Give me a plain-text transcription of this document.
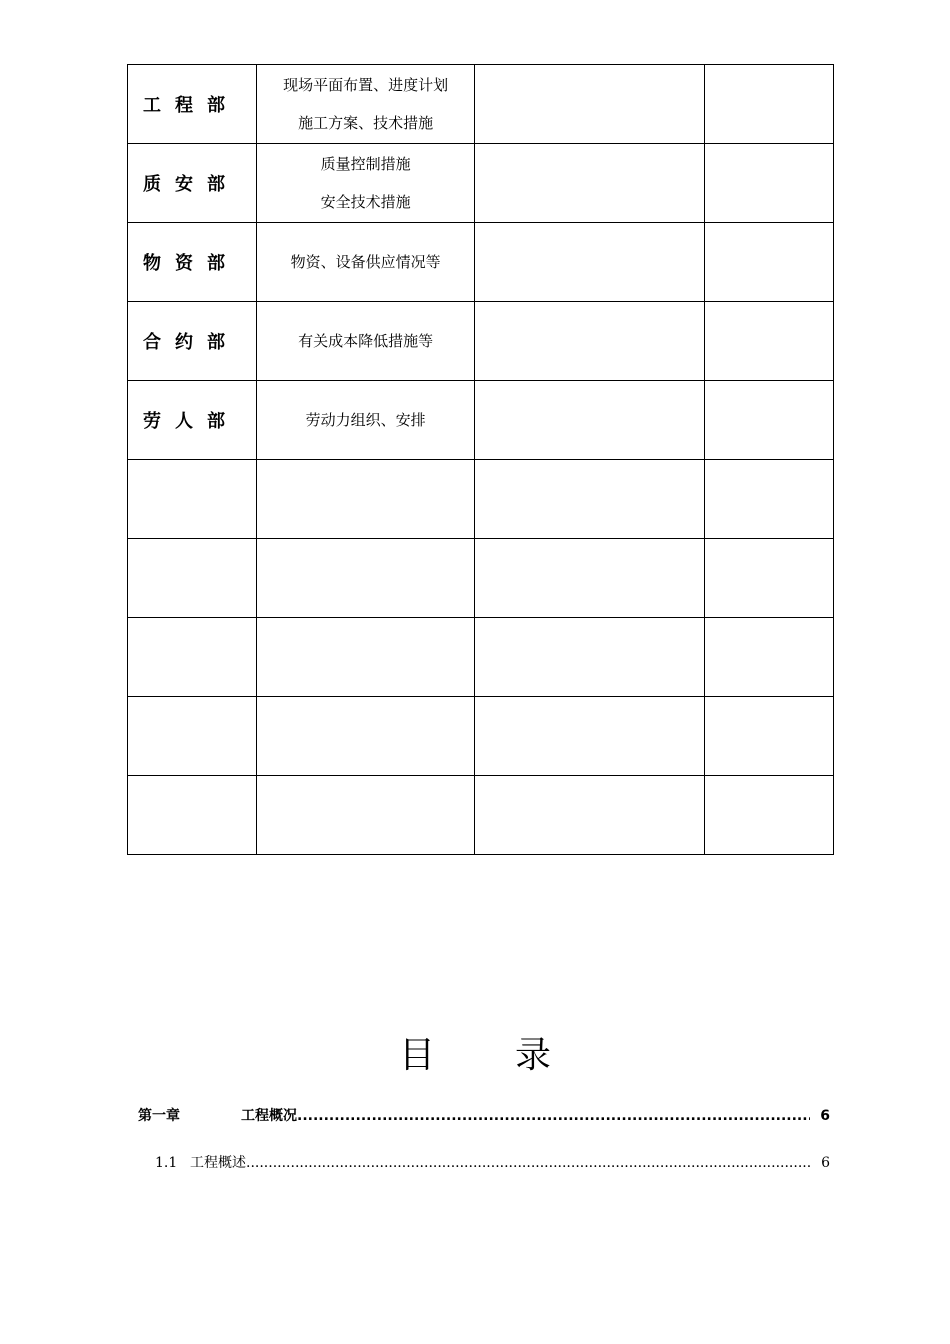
工程部	现场平面布置、进度计划
施工方案、技术措施		

质安部	质量控制措施
安全技术措施		

物资部	物资、设备供应情况等		

合约部	有关成本降低措施等		

劳人部	劳动力组织、安排		

目 录
第一章	工程概况 .....	6
1.1 工程概述 .....	6
